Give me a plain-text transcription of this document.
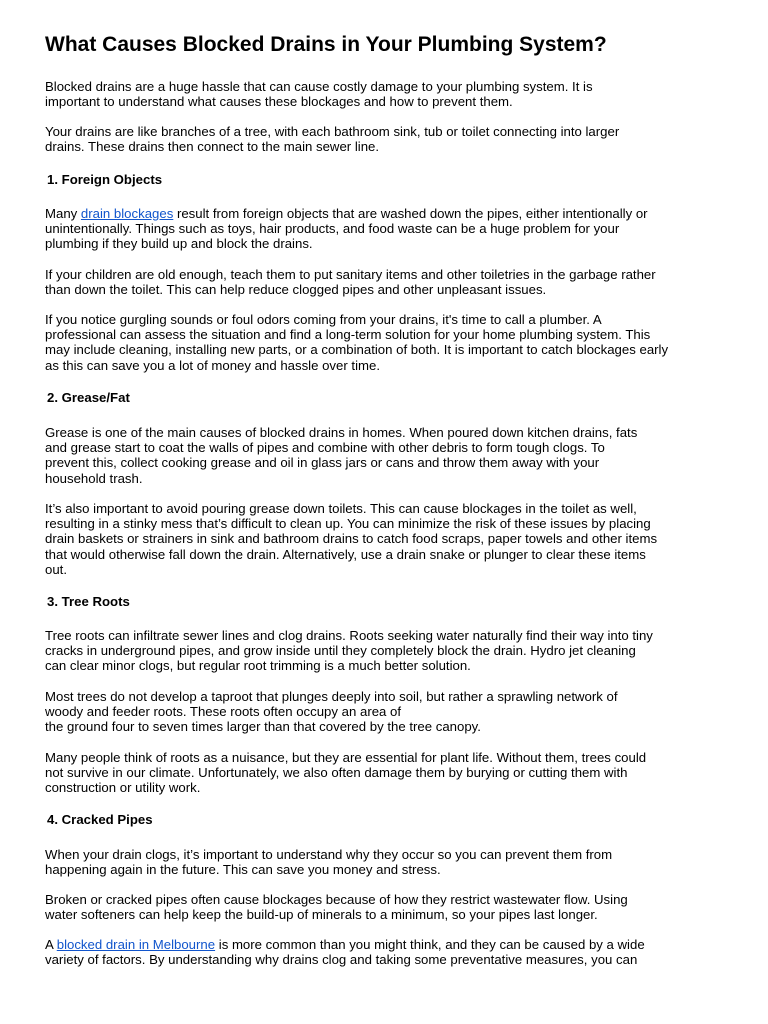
What Causes Blocked Drains in Your Plumbing System?

Blocked drains are a huge hassle that can cause costly damage to your plumbing system. It is
important to understand what causes these blockages and how to prevent them.

Your drains are like branches of a tree, with each bathroom sink, tub or toilet connecting into larger
drains. These drains then connect to the main sewer line.

1. Foreign Objects

Many drain blockages result from foreign objects that are washed down the pipes, either intentionally or
unintentionally. Things such as toys, hair products, and food waste can be a huge problem for your
plumbing if they build up and block the drains.

If your children are old enough, teach them to put sanitary items and other toiletries in the garbage rather
than down the toilet. This can help reduce clogged pipes and other unpleasant issues.

If you notice gurgling sounds or foul odors coming from your drains, it's time to call a plumber. A
professional can assess the situation and find a long-term solution for your home plumbing system. This
may include cleaning, installing new parts, or a combination of both. It is important to catch blockages early
as this can save you a lot of money and hassle over time.

2. Grease/Fat

Grease is one of the main causes of blocked drains in homes. When poured down kitchen drains, fats
and grease start to coat the walls of pipes and combine with other debris to form tough clogs. To
prevent this, collect cooking grease and oil in glass jars or cans and throw them away with your
household trash.

It’s also important to avoid pouring grease down toilets. This can cause blockages in the toilet as well,
resulting in a stinky mess that’s difficult to clean up. You can minimize the risk of these issues by placing
drain baskets or strainers in sink and bathroom drains to catch food scraps, paper towels and other items
that would otherwise fall down the drain. Alternatively, use a drain snake or plunger to clear these items
out.

3. Tree Roots

Tree roots can infiltrate sewer lines and clog drains. Roots seeking water naturally find their way into tiny
cracks in underground pipes, and grow inside until they completely block the drain. Hydro jet cleaning
can clear minor clogs, but regular root trimming is a much better solution.

Most trees do not develop a taproot that plunges deeply into soil, but rather a sprawling network of
woody and feeder roots. These roots often occupy an area of
the ground four to seven times larger than that covered by the tree canopy.

Many people think of roots as a nuisance, but they are essential for plant life. Without them, trees could
not survive in our climate. Unfortunately, we also often damage them by burying or cutting them with
construction or utility work.

4. Cracked Pipes

When your drain clogs, it’s important to understand why they occur so you can prevent them from
happening again in the future. This can save you money and stress.

Broken or cracked pipes often cause blockages because of how they restrict wastewater flow. Using
water softeners can help keep the build-up of minerals to a minimum, so your pipes last longer.

A blocked drain in Melbourne is more common than you might think, and they can be caused by a wide
variety of factors. By understanding why drains clog and taking some preventative measures, you can
